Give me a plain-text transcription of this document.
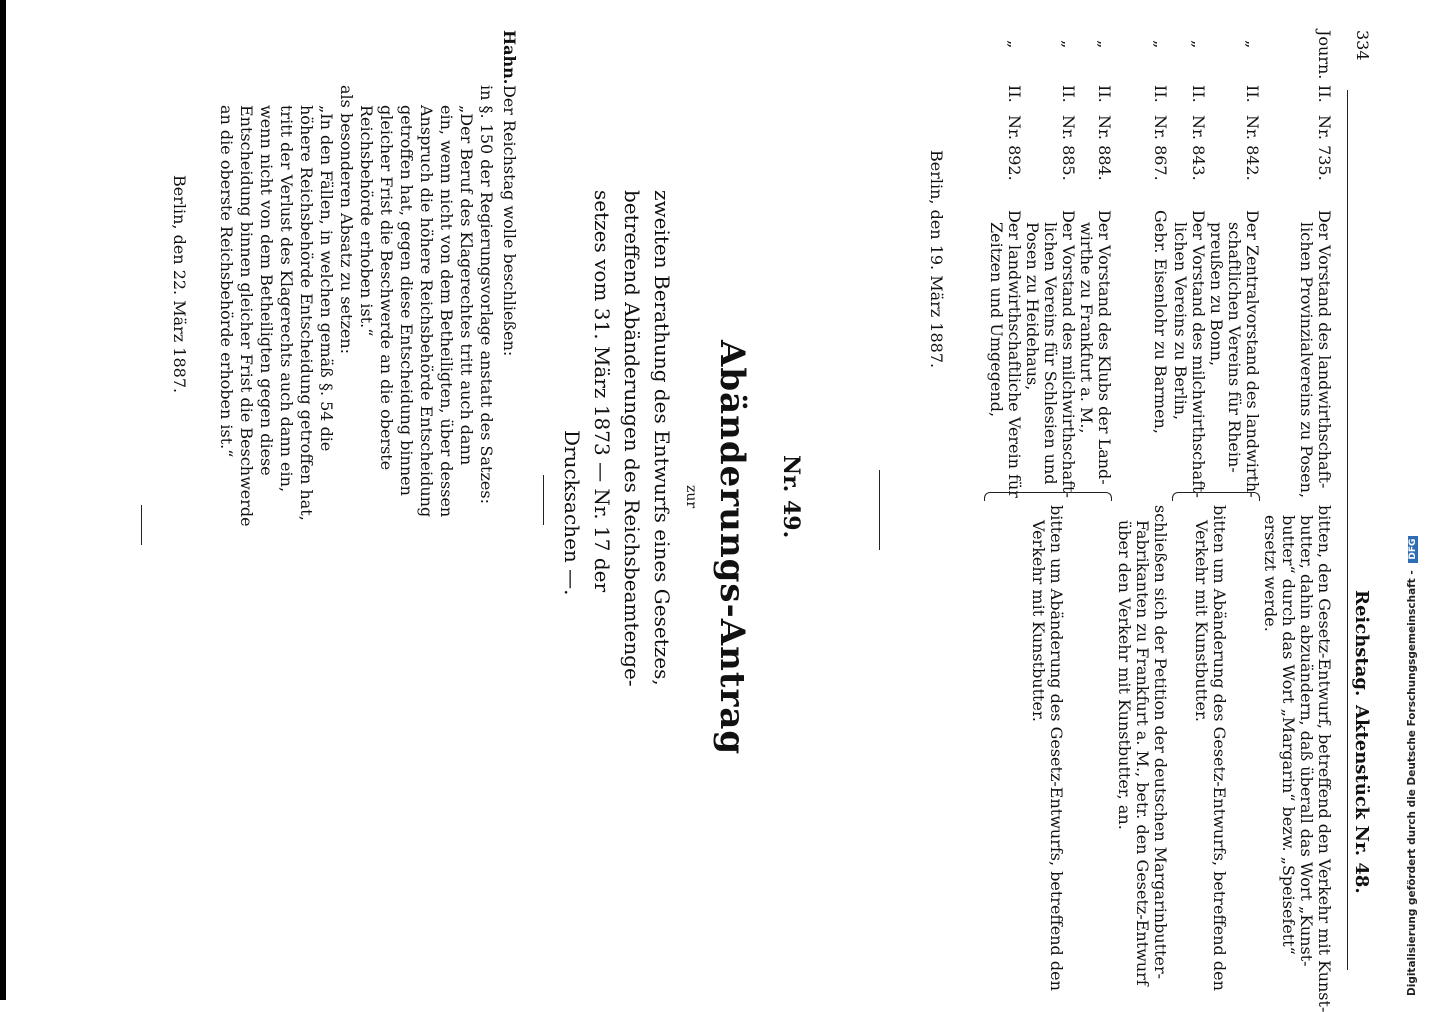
334
Reichstag.
Aktenstück Nr. 48.
Journ.
II.
Nr. 735.
Der Vorstand des landwirthschaft-
lichen Provinzialvereins zu Posen,
bitten, den Gesetz-Entwurf, betreffend den Verkehr mit Kunst-
butter, dahin abzuändern, daß überall das Wort „Kunst-
butter“ durch das Wort „Margarin“ bezw. „Speisefett“
ersetzt werde.
„
II.
Nr. 842.
Der Zentralvorstand des landwirth-
schaftlichen Vereins für Rhein-
preußen zu Bonn,
„
II.
Nr. 843.
Der Vorstand des milchwirthschaft-
lichen Vereins zu Berlin,
bitten um Abänderung des Gesetz-Entwurfs, betreffend den
Verkehr mit Kunstbutter.
„
II.
Nr. 867.
Gebr. Eisenlohr zu Barmen,
schließen sich der Petition der deutschen Margarinbutter-
Fabrikanten zu Frankfurt a. M., betr. den Gesetz-Entwurf
über den Verkehr mit Kunstbutter, an.
„
II.
Nr. 884.
Der Vorstand des Klubs der Land-
wirthe zu Frankfurt a. M.,
„
II.
Nr. 885.
Der Vorstand des milchwirthschaft-
lichen Vereins für Schlesien und
Posen zu Heidehaus,
„
II.
Nr. 892.
Der landwirthschaftliche Verein für
Zeitzen und Umgegend,
bitten um Abänderung des Gesetz-Entwurfs, betreffend den
Verkehr mit Kunstbutter.
Berlin, den 19. März 1887.
Nr. 49.
Abänderungs-Antrag
zur
zweiten Berathung des Entwurfs eines Gesetzes,
betreffend Abänderungen des Reichsbeamtenge-
setzes vom 31. März 1873 — Nr. 17 der
Drucksachen —.
Hahn.
Der Reichstag wolle beschließen:
in §. 150 der Regierungsvorlage anstatt des Satzes:
„Der Beruf des Klagerechtes tritt auch dann
ein, wenn nicht von dem Betheiligten, über dessen
Anspruch die höhere Reichsbehörde Entscheidung
getroffen hat, gegen diese Entscheidung binnen
gleicher Frist die Beschwerde an die oberste
Reichsbehörde erhoben ist.“
als besonderen Absatz zu setzen:
„In den Fällen, in welchen gemäß §. 54 die
höhere Reichsbehörde Entscheidung getroffen hat,
tritt der Verlust des Klagerechts auch dann ein,
wenn nicht von dem Betheiligten gegen diese
Entscheidung binnen gleicher Frist die Beschwerde
an die oberste Reichsbehörde erhoben ist.“
Berlin, den 22. März 1887.
Digitalisierung gefördert durch die Deutsche Forschungsgemeinschaft - DFG
